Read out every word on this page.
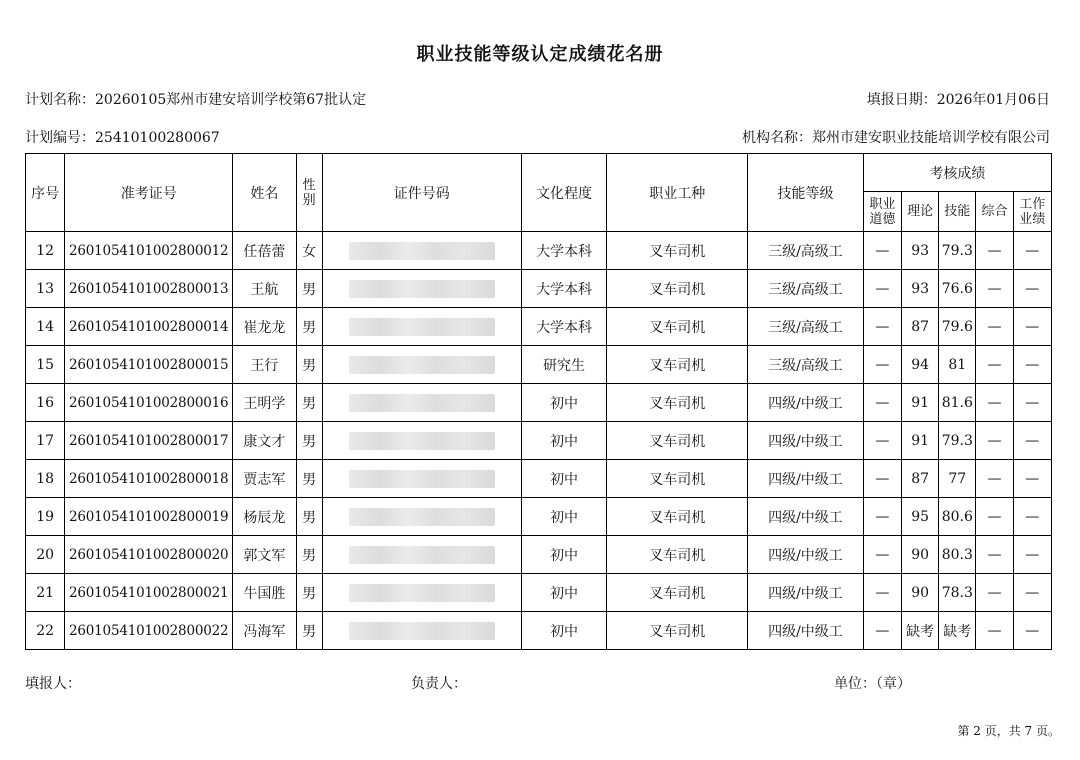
职业技能等级认定成绩花名册
计划名称：20260105郑州市建安培训学校第67批认定	填报日期：2026年01月06日
计划编号：25410100280067	机构名称：郑州市建安职业技能培训学校有限公司
序号	准考证号	姓名	性别	证件号码	文化程度	职业工种	技能等级	考核成绩				
								职业道德	理论	技能	综合	工作业绩
12	2601054101002800012	任蓓蕾	女		大学本科	叉车司机	三级/高级工	—	93	79.3	—	—
13	2601054101002800013	王航	男		大学本科	叉车司机	三级/高级工	—	93	76.6	—	—
14	2601054101002800014	崔龙龙	男		大学本科	叉车司机	三级/高级工	—	87	79.6	—	—
15	2601054101002800015	王行	男		研究生	叉车司机	三级/高级工	—	94	81	—	—
16	2601054101002800016	王明学	男		初中	叉车司机	四级/中级工	—	91	81.6	—	—
17	2601054101002800017	康文才	男		初中	叉车司机	四级/中级工	—	91	79.3	—	—
18	2601054101002800018	贾志军	男		初中	叉车司机	四级/中级工	—	87	77	—	—
19	2601054101002800019	杨辰龙	男		初中	叉车司机	四级/中级工	—	95	80.6	—	—
20	2601054101002800020	郭文军	男		初中	叉车司机	四级/中级工	—	90	80.3	—	—
21	2601054101002800021	牛国胜	男		初中	叉车司机	四级/中级工	—	90	78.3	—	—
22	2601054101002800022	冯海军	男		初中	叉车司机	四级/中级工	—	缺考	缺考	—	—
填报人：	负责人：	单位：（章）
第 2 页，共 7 页。
